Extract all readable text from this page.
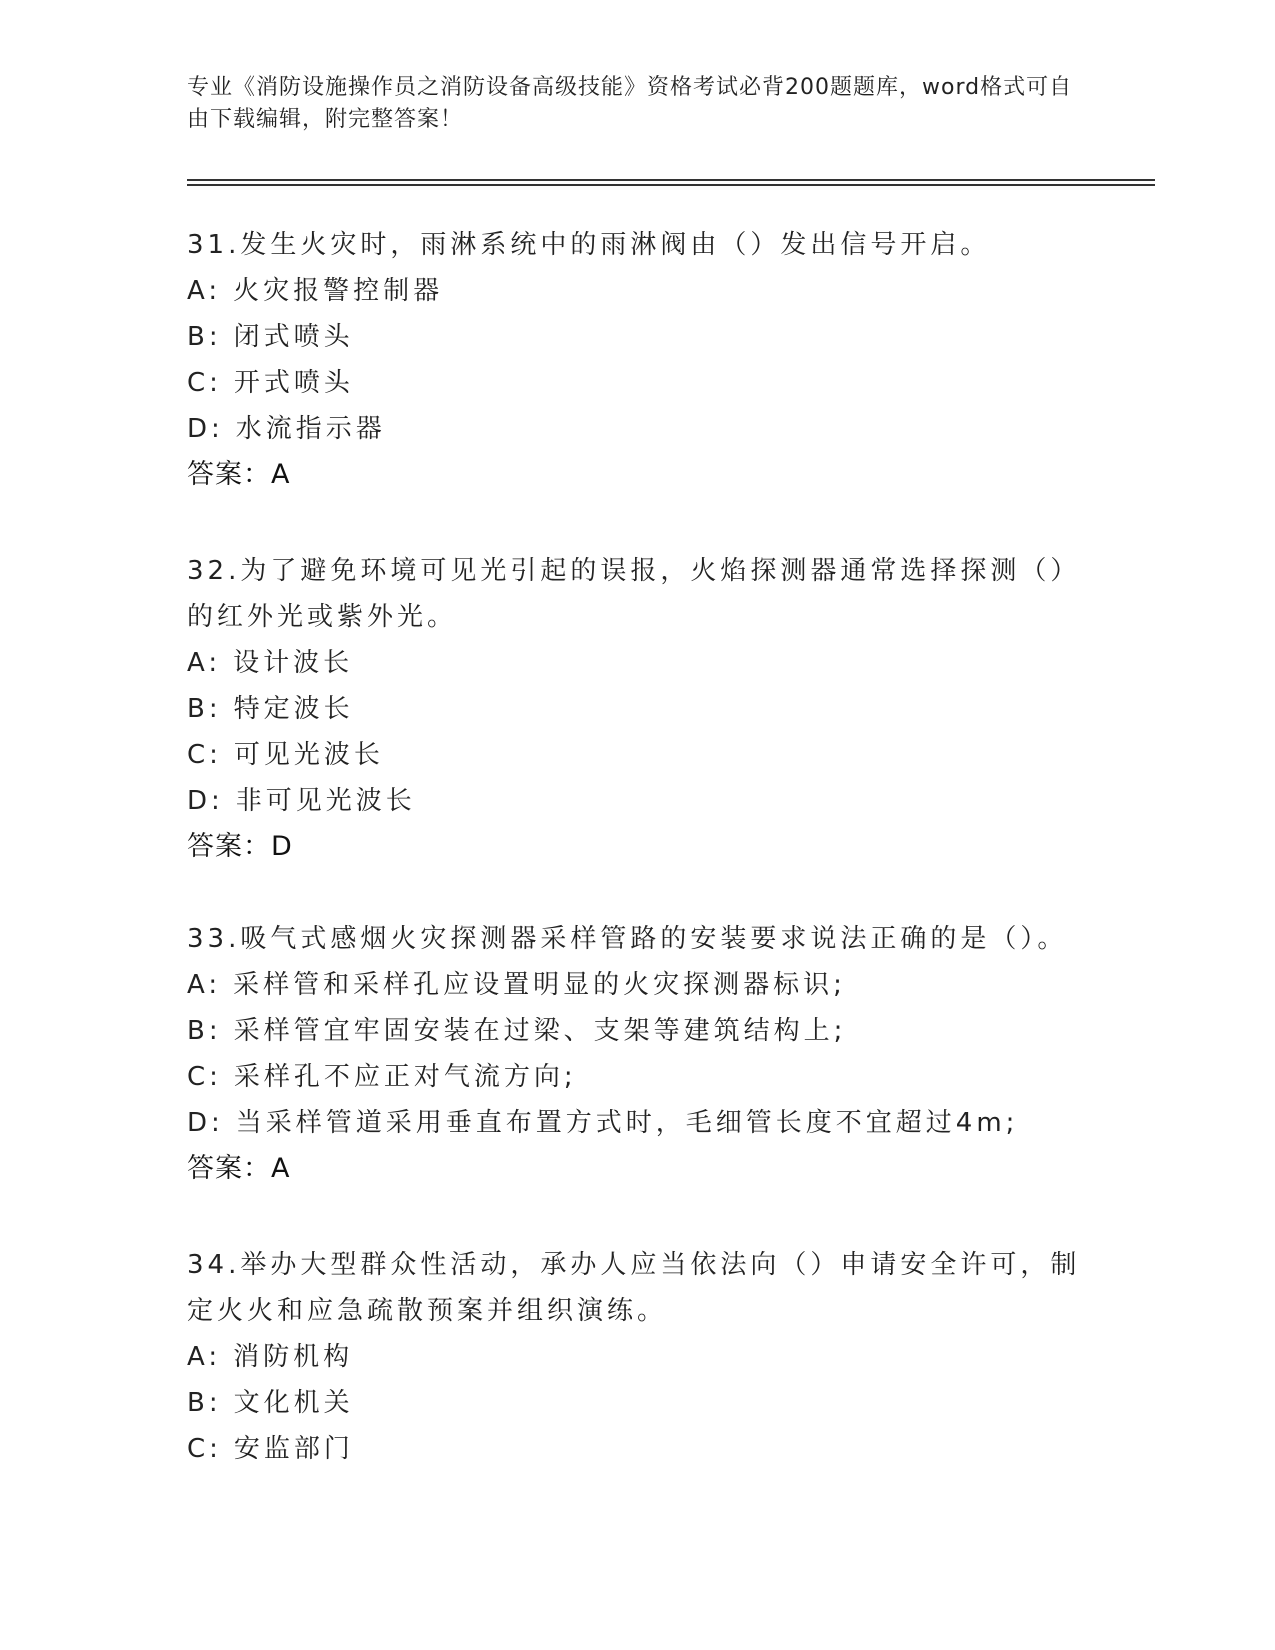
专业《消防设施操作员之消防设备高级技能》资格考试必背200题题库，word格式可自由下载编辑，附完整答案！
31.发生火灾时，雨淋系统中的雨淋阀由（）发出信号开启。
A: 火灾报警控制器
B: 闭式喷头
C: 开式喷头
D: 水流指示器
答案：A
32.为了避免环境可见光引起的误报，火焰探测器通常选择探测（）的红外光或紫外光。
A: 设计波长
B: 特定波长
C: 可见光波长
D: 非可见光波长
答案：D
33.吸气式感烟火灾探测器采样管路的安装要求说法正确的是（）。
A: 采样管和采样孔应设置明显的火灾探测器标识;
B: 采样管宜牢固安装在过梁、支架等建筑结构上;
C: 采样孔不应正对气流方向;
D: 当采样管道采用垂直布置方式时，毛细管长度不宜超过4m;
答案：A
34.举办大型群众性活动，承办人应当依法向（）申请安全许可，制定火火和应急疏散预案并组织演练。
A: 消防机构
B: 文化机关
C: 安监部门
